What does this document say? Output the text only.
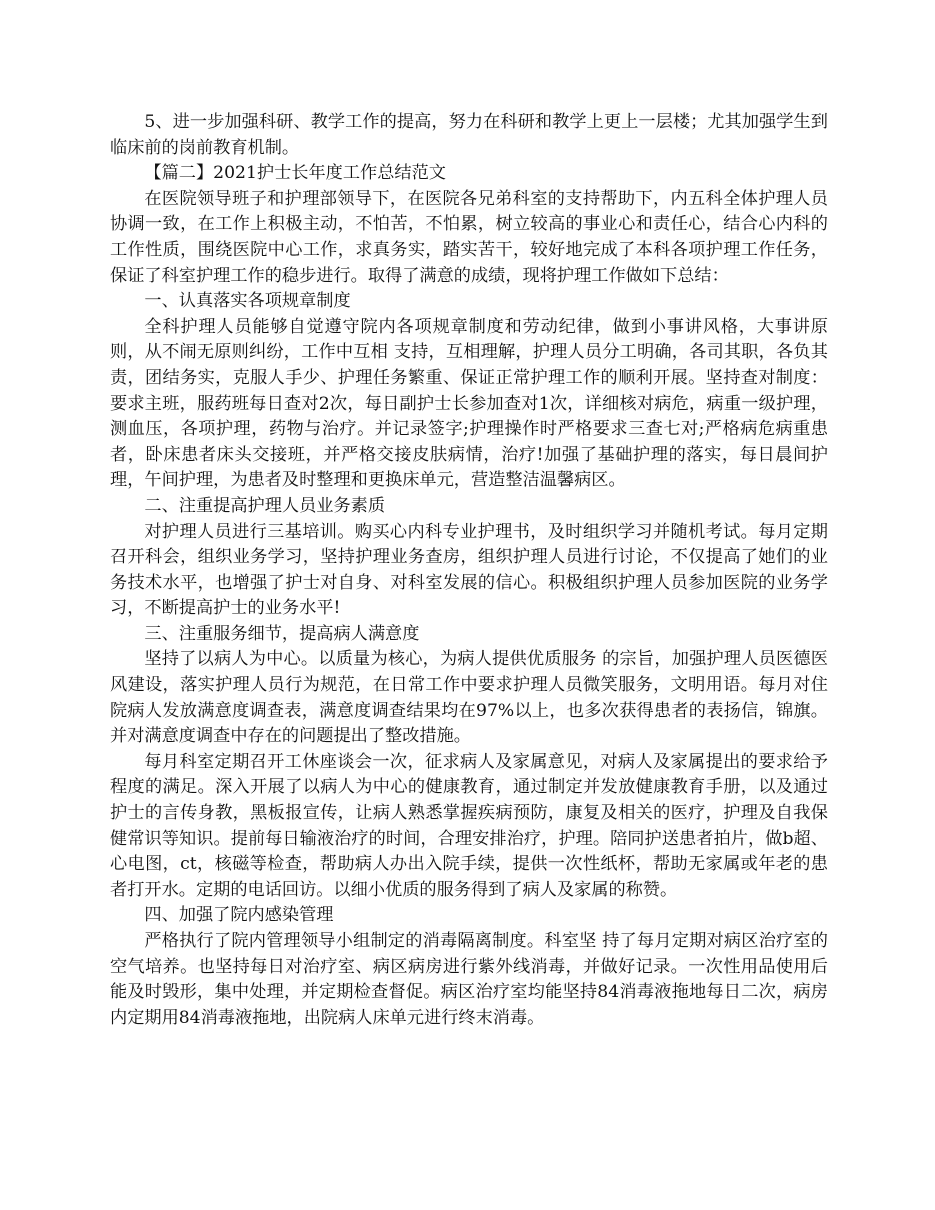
5、进一步加强科研、教学工作的提高，努力在科研和教学上更上一层楼；尤其加强学生到临床前的岗前教育机制。

【篇二】2021护士长年度工作总结范文

在医院领导班子和护理部领导下，在医院各兄弟科室的支持帮助下，内五科全体护理人员协调一致，在工作上积极主动，不怕苦，不怕累，树立较高的事业心和责任心，结合心内科的工作性质，围绕医院中心工作，求真务实，踏实苦干，较好地完成了本科各项护理工作任务，保证了科室护理工作的稳步进行。取得了满意的成绩，现将护理工作做如下总结：

一、认真落实各项规章制度

全科护理人员能够自觉遵守院内各项规章制度和劳动纪律，做到小事讲风格，大事讲原则，从不闹无原则纠纷，工作中互相 支持，互相理解，护理人员分工明确，各司其职，各负其责，团结务实，克服人手少、护理任务繁重、保证正常护理工作的顺利开展。坚持查对制度：要求主班，服药班每日查对2次，每日副护士长参加查对1次，详细核对病危，病重一级护理，测血压，各项护理，药物与治疗。并记录签字;护理操作时严格要求三查七对;严格病危病重患者，卧床患者床头交接班，并严格交接皮肤病情，治疗!加强了基础护理的落实，每日晨间护理，午间护理，为患者及时整理和更换床单元，营造整洁温馨病区。

二、注重提高护理人员业务素质

对护理人员进行三基培训。购买心内科专业护理书，及时组织学习并随机考试。每月定期召开科会，组织业务学习，坚持护理业务查房，组织护理人员进行讨论，不仅提高了她们的业务技术水平，也增强了护士对自身、对科室发展的信心。积极组织护理人员参加医院的业务学习，不断提高护士的业务水平!

三、注重服务细节，提高病人满意度

坚持了以病人为中心。以质量为核心，为病人提供优质服务 的宗旨，加强护理人员医德医风建设，落实护理人员行为规范，在日常工作中要求护理人员微笑服务，文明用语。每月对住院病人发放满意度调查表，满意度调查结果均在97%以上，也多次获得患者的表扬信，锦旗。并对满意度调查中存在的问题提出了整改措施。

每月科室定期召开工休座谈会一次，征求病人及家属意见，对病人及家属提出的要求给予程度的满足。深入开展了以病人为中心的健康教育，通过制定并发放健康教育手册，以及通过护士的言传身教，黑板报宣传，让病人熟悉掌握疾病预防，康复及相关的医疗，护理及自我保健常识等知识。提前每日输液治疗的时间，合理安排治疗，护理。陪同护送患者拍片，做b超、心电图，ct，核磁等检查，帮助病人办出入院手续，提供一次性纸杯，帮助无家属或年老的患者打开水。定期的电话回访。以细小优质的服务得到了病人及家属的称赞。

四、加强了院内感染管理

严格执行了院内管理领导小组制定的消毒隔离制度。科室坚 持了每月定期对病区治疗室的空气培养。也坚持每日对治疗室、病区病房进行紫外线消毒，并做好记录。一次性用品使用后能及时毁形，集中处理，并定期检查督促。病区治疗室均能坚持84消毒液拖地每日二次，病房内定期用84消毒液拖地，出院病人床单元进行终末消毒。
